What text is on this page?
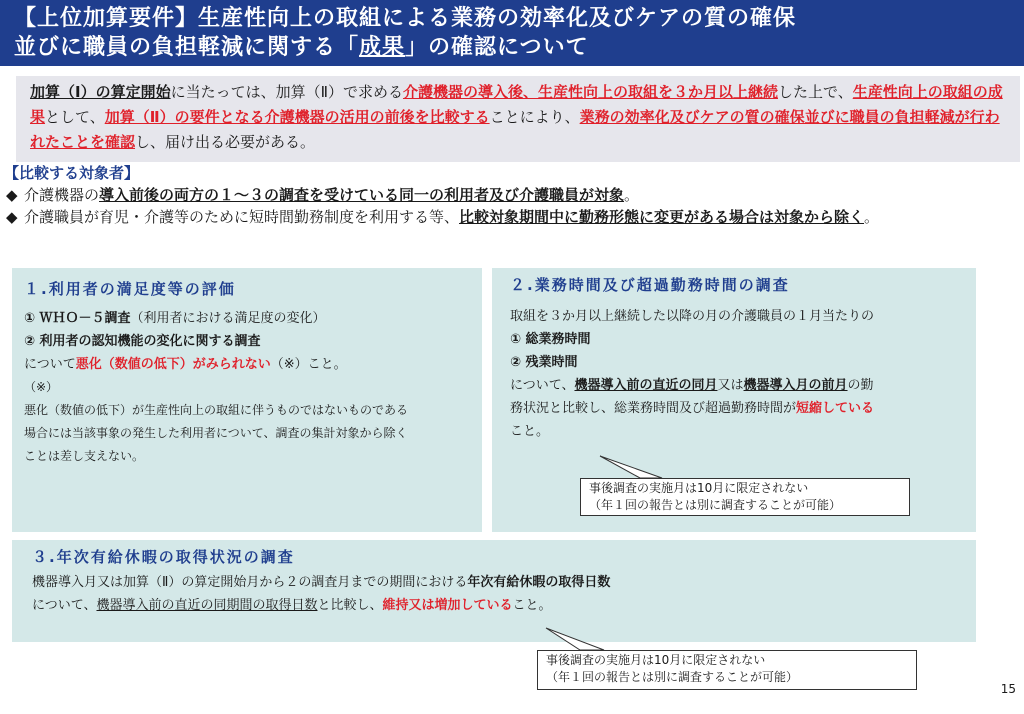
【上位加算要件】生産性向上の取組による業務の効率化及びケアの質の確保
並びに職員の負担軽減に関する「成果」の確認について
加算（Ⅰ）の算定開始に当たっては、加算（Ⅱ）で求める介護機器の導入後、生産性向上の取組を３か月以上継続した上で、生産性向上の取組の成果として、加算（Ⅱ）の要件となる介護機器の活用の前後を比較することにより、業務の効率化及びケアの質の確保並びに職員の負担軽減が行われたことを確認し、届け出る必要がある。
【比較する対象者】
◆ 介護機器の導入前後の両方の１～３の調査を受けている同一の利用者及び介護職員が対象。
◆ 介護職員が育児・介護等のために短時間勤務制度を利用する等、比較対象期間中に勤務形態に変更がある場合は対象から除く。
１.利用者の満足度等の評価
① ＷＨＯ－５調査（利用者における満足度の変化）
② 利用者の認知機能の変化に関する調査
について悪化（数値の低下）がみられない（※）こと。
（※）
悪化（数値の低下）が生産性向上の取組に伴うものではないものである
場合には当該事象の発生した利用者について、調査の集計対象から除く
ことは差し支えない。
２.業務時間及び超過勤務時間の調査
取組を３か月以上継続した以降の月の介護職員の１月当たりの
① 総業務時間
② 残業時間
について、機器導入前の直近の同月又は機器導入月の前月の勤
務状況と比較し、総業務時間及び超過勤務時間が短縮している
こと。
３.年次有給休暇の取得状況の調査
機器導入月又は加算（Ⅱ）の算定開始月から２の調査月までの期間における年次有給休暇の取得日数
について、機器導入前の直近の同期間の取得日数と比較し、維持又は増加していること。
事後調査の実施月は10月に限定されない
（年１回の報告とは別に調査することが可能）
事後調査の実施月は10月に限定されない
（年１回の報告とは別に調査することが可能）
15
